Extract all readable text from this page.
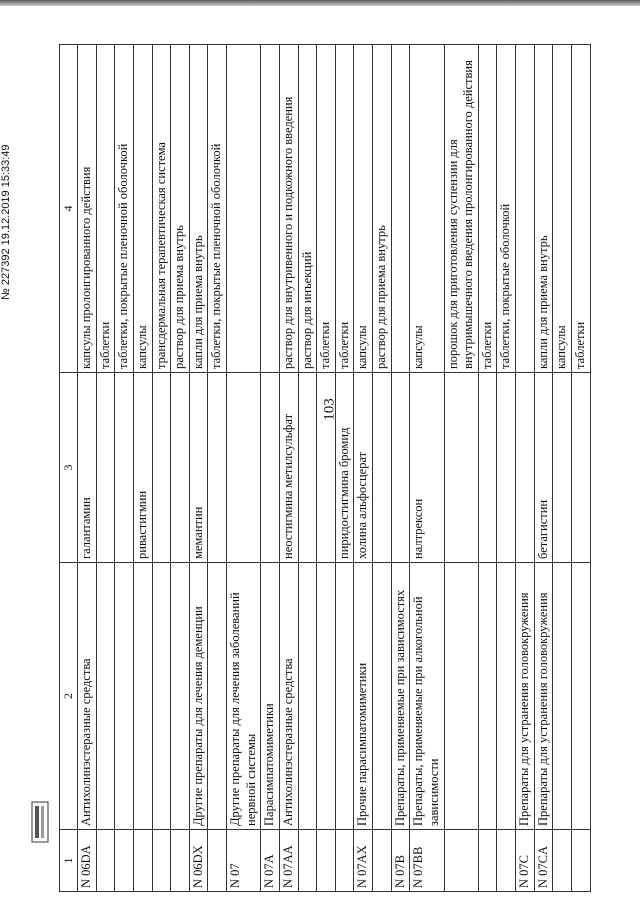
103
1	2	3	4
N 06DA	Антихолинэстеразные средства	галантамин	капсулы пролонгированного действия
			таблетки
			таблетки, покрытые пленочной оболочкой
		ривастигмин	капсулы
			трансдермальная терапевтическая система
			раствор для приема внутрь
N 06DX	Другие препараты для лечения деменции	мемантин	капли для приема внутрь
			таблетки, покрытые пленочной оболочкой
N 07	Другие препараты для лечения заболеваний нервной системы		
N 07A	Парасимпатомиметики		
N 07AA	Антихолинэстеразные средства	неостигмина метилсульфат	раствор для внутривенного и подкожного введения
			раствор для инъекций
			таблетки
		пиридостигмина бромид	таблетки
N 07AX	Прочие парасимпатомиметики	холина альфосцерат	капсулы
			раствор для приема внутрь
N 07B	Препараты, применяемые при зависимостях		
N 07BB	Препараты, применяемые при алкогольной зависимости	налтрексон	капсулы
			порошок для приготовления суспензии для внутримышечного введения пролонгированного действия
			таблетки
			таблетки, покрытые оболочкой
N 07C	Препараты для устранения головокружения		
N 07CA	Препараты для устранения головокружения	бетагистин	капли для приема внутрь
			капсулы
			таблетки
№ 227392 19.12.2019 15:33:49
